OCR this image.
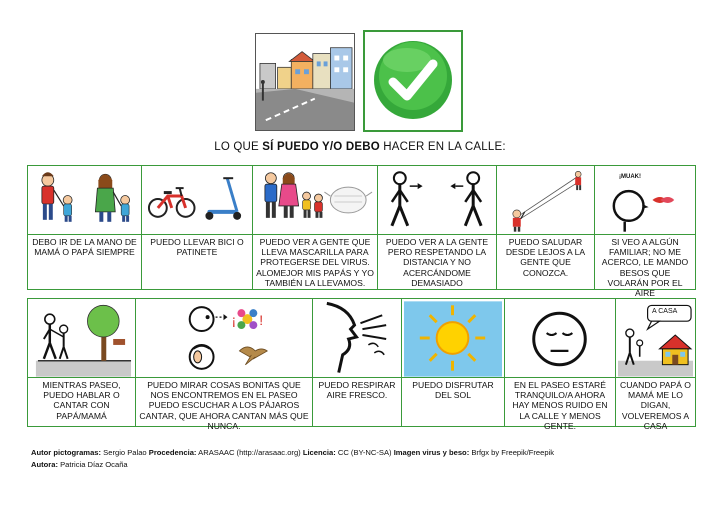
LO QUE SÍ PUEDO Y/O DEBO HACER EN LA CALLE:

¡MUAK!

DEBO IR DE LA MANO DE MAMÁ O PAPÁ SIEMPRE	PUEDO LLEVAR BICI O PATINETE	PUEDO VER A GENTE QUE LLEVA MASCARILLA PARA PROTEGERSE DEL VIRUS. ALOMEJOR MIS PAPÁS Y YO TAMBIÉN LA LLEVAMOS.	PUEDO VER A LA GENTE PERO RESPETANDO LA DISTANCIA Y NO ACERCÁNDOME DEMASIADO	PUEDO SALUDAR DESDE LEJOS A LA GENTE QUE CONOZCA.	SI VEO A ALGÚN FAMILIAR; NO ME ACERCO, LE MANDO BESOS QUE VOLARÁN POR EL AIRE

¡ !				A CASA

MIENTRAS PASEO, PUEDO HABLAR O CANTAR CON PAPÁ/MAMÁ	PUEDO MIRAR COSAS BONITAS QUE NOS ENCONTREMOS EN EL PASEO PUEDO ESCUCHAR A LOS PÁJAROS CANTAR, QUE AHORA CANTAN MÁS QUE NUNCA.	PUEDO RESPIRAR AIRE FRESCO.	PUEDO DISFRUTAR DEL SOL	EN EL PASEO ESTARÉ TRANQUILO/A AHORA HAY MENOS RUIDO EN LA CALLE Y MENOS GENTE.	CUANDO PAPÁ O MAMÁ ME LO DIGAN, VOLVEREMOS A CASA
Autor pictogramas: Sergio Palao Procedencia: ARASAAC (http://arasaac.org) Licencia: CC (BY-NC-SA) Imagen virus y beso: Brfgx by Freepik/Freepik
Autora: Patricia Díaz Ocaña
